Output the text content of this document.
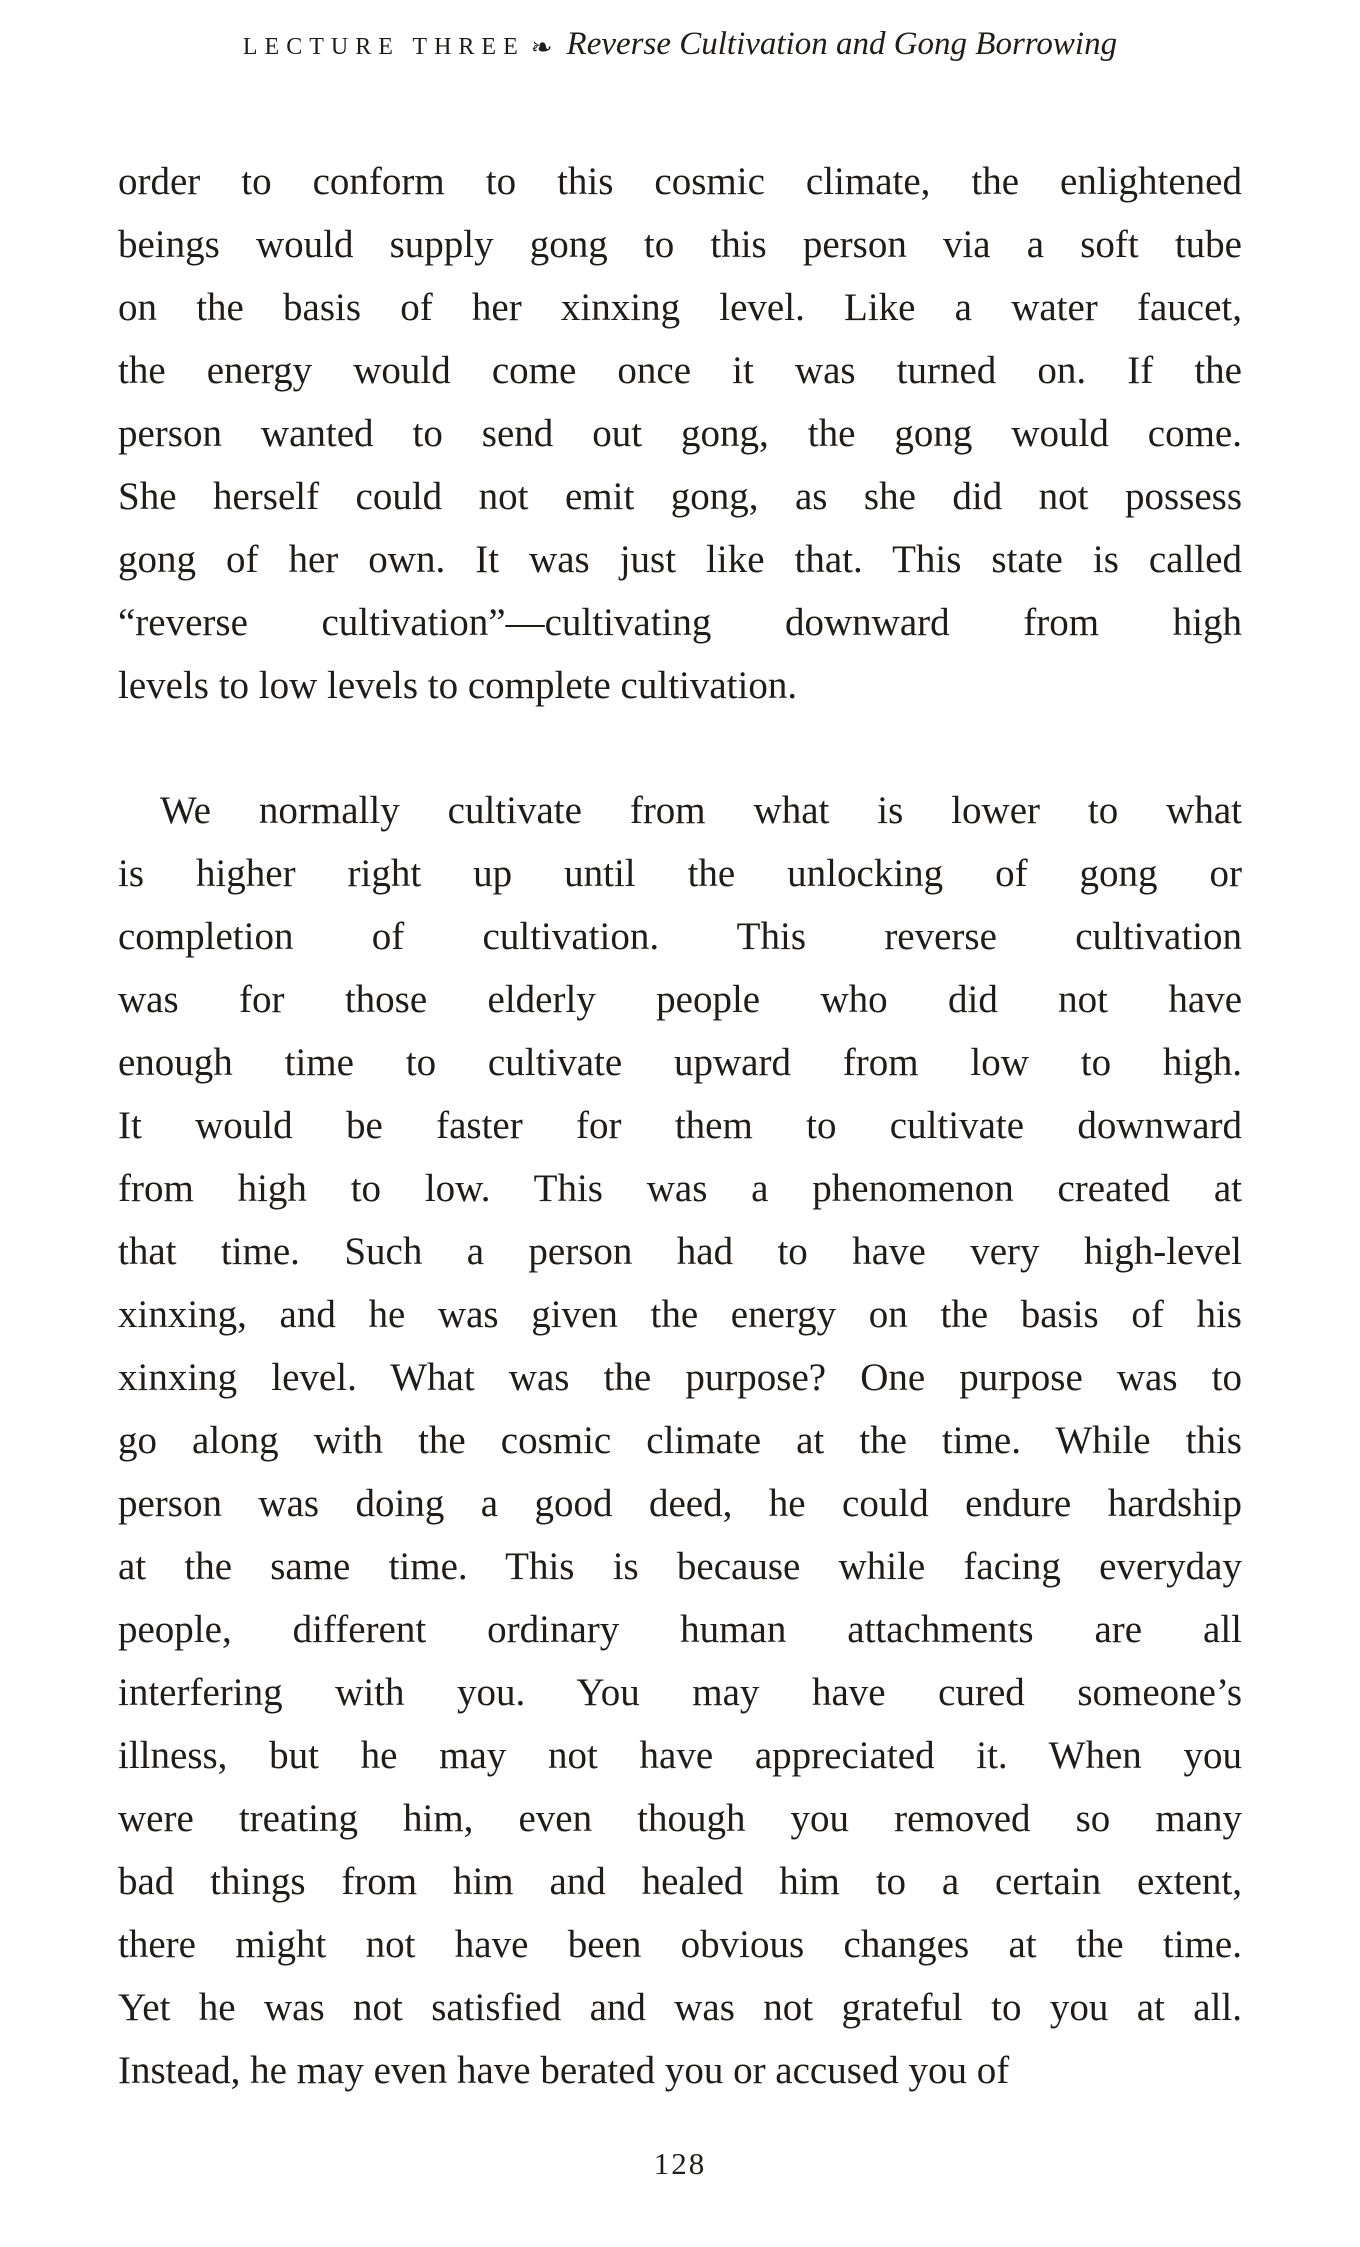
LECTURE THREE ❧ Reverse Cultivation and Gong Borrowing
order to conform to this cosmic climate, the enlightened
beings would supply gong to this person via a soft tube
on the basis of her xinxing level. Like a water faucet,
the energy would come once it was turned on. If the
person wanted to send out gong, the gong would come.
She herself could not emit gong, as she did not possess
gong of her own. It was just like that. This state is called
“reverse cultivation”—cultivating downward from high
levels to low levels to complete cultivation.
We normally cultivate from what is lower to what
is higher right up until the unlocking of gong or
completion of cultivation. This reverse cultivation
was for those elderly people who did not have
enough time to cultivate upward from low to high.
It would be faster for them to cultivate downward
from high to low. This was a phenomenon created at
that time. Such a person had to have very high-level
xinxing, and he was given the energy on the basis of his
xinxing level. What was the purpose? One purpose was to
go along with the cosmic climate at the time. While this
person was doing a good deed, he could endure hardship
at the same time. This is because while facing everyday
people, different ordinary human attachments are all
interfering with you. You may have cured someone’s
illness, but he may not have appreciated it. When you
were treating him, even though you removed so many
bad things from him and healed him to a certain extent,
there might not have been obvious changes at the time.
Yet he was not satisfied and was not grateful to you at all.
Instead, he may even have berated you or accused you of
128
